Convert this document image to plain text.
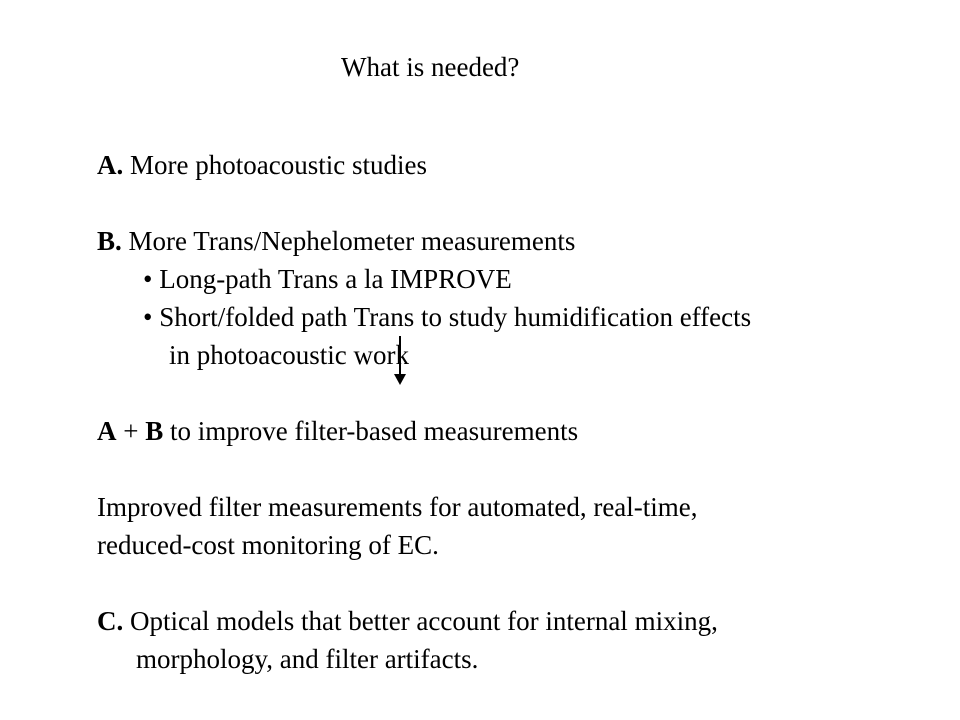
What is needed?
A. More photoacoustic studies
B. More Trans/Nephelometer measurements
• Long-path Trans a la IMPROVE
• Short/folded path Trans to study humidification effects
in photoacoustic work
A + B to improve filter-based measurements
Improved filter measurements for automated, real-time,
reduced-cost monitoring of EC.
C. Optical models that better account for internal mixing,
morphology, and filter artifacts.
